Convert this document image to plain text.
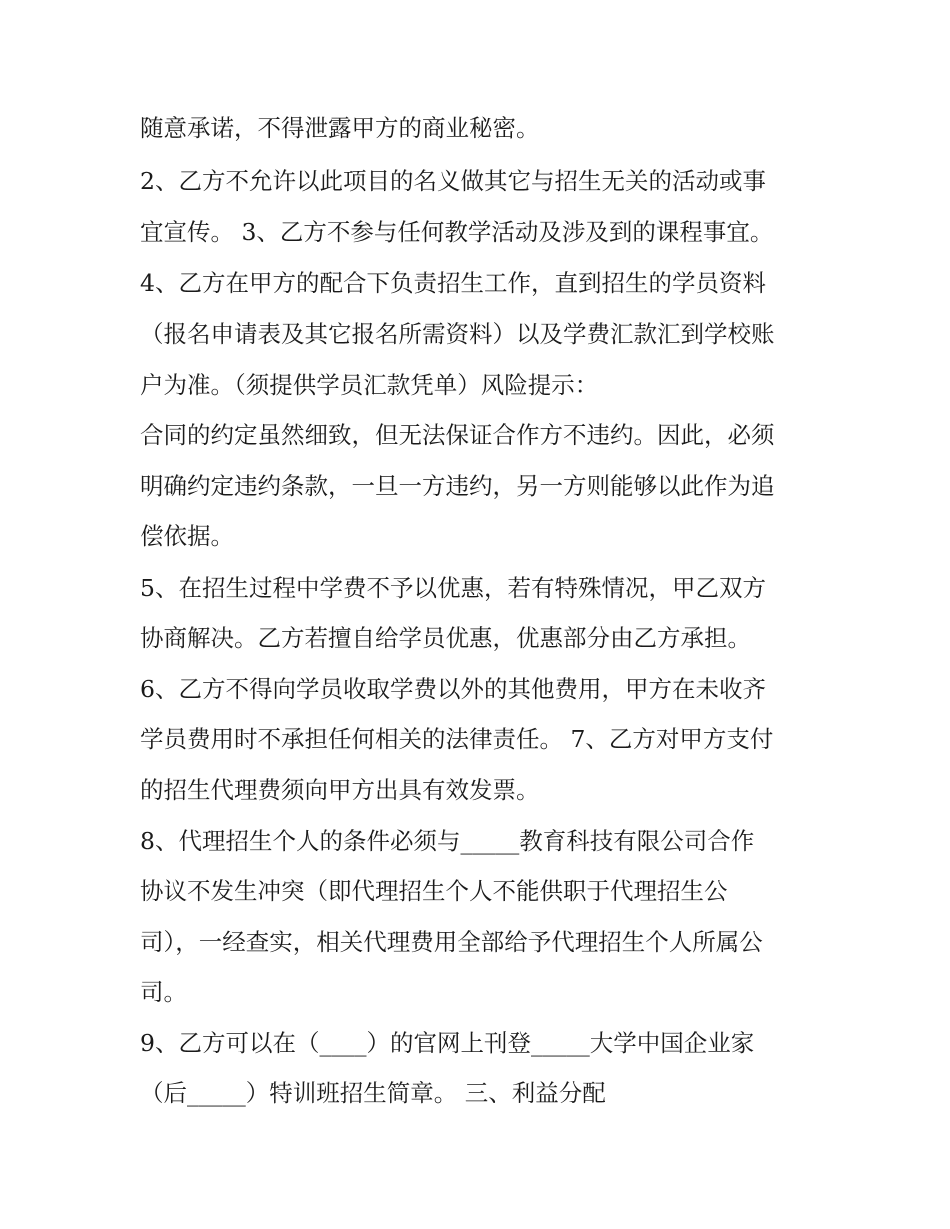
随意承诺，不得泄露甲方的商业秘密。
2、乙方不允许以此项目的名义做其它与招生无关的活动或事
宜宣传。 3、乙方不参与任何教学活动及涉及到的课程事宜。
4、乙方在甲方的配合下负责招生工作，直到招生的学员资料
（报名申请表及其它报名所需资料）以及学费汇款汇到学校账
户为准。（须提供学员汇款凭单）风险提示：
合同的约定虽然细致，但无法保证合作方不违约。因此，必须
明确约定违约条款，一旦一方违约，另一方则能够以此作为追
偿依据。
5、在招生过程中学费不予以优惠，若有特殊情况，甲乙双方
协商解决。乙方若擅自给学员优惠，优惠部分由乙方承担。
6、乙方不得向学员收取学费以外的其他费用，甲方在未收齐
学员费用时不承担任何相关的法律责任。 7、乙方对甲方支付
的招生代理费须向甲方出具有效发票。
8、代理招生个人的条件必须与_____教育科技有限公司合作
协议不发生冲突（即代理招生个人不能供职于代理招生公
司），一经查实，相关代理费用全部给予代理招生个人所属公
司。
9、乙方可以在（____）的官网上刊登_____大学中国企业家
（后_____）特训班招生简章。 三、利益分配
